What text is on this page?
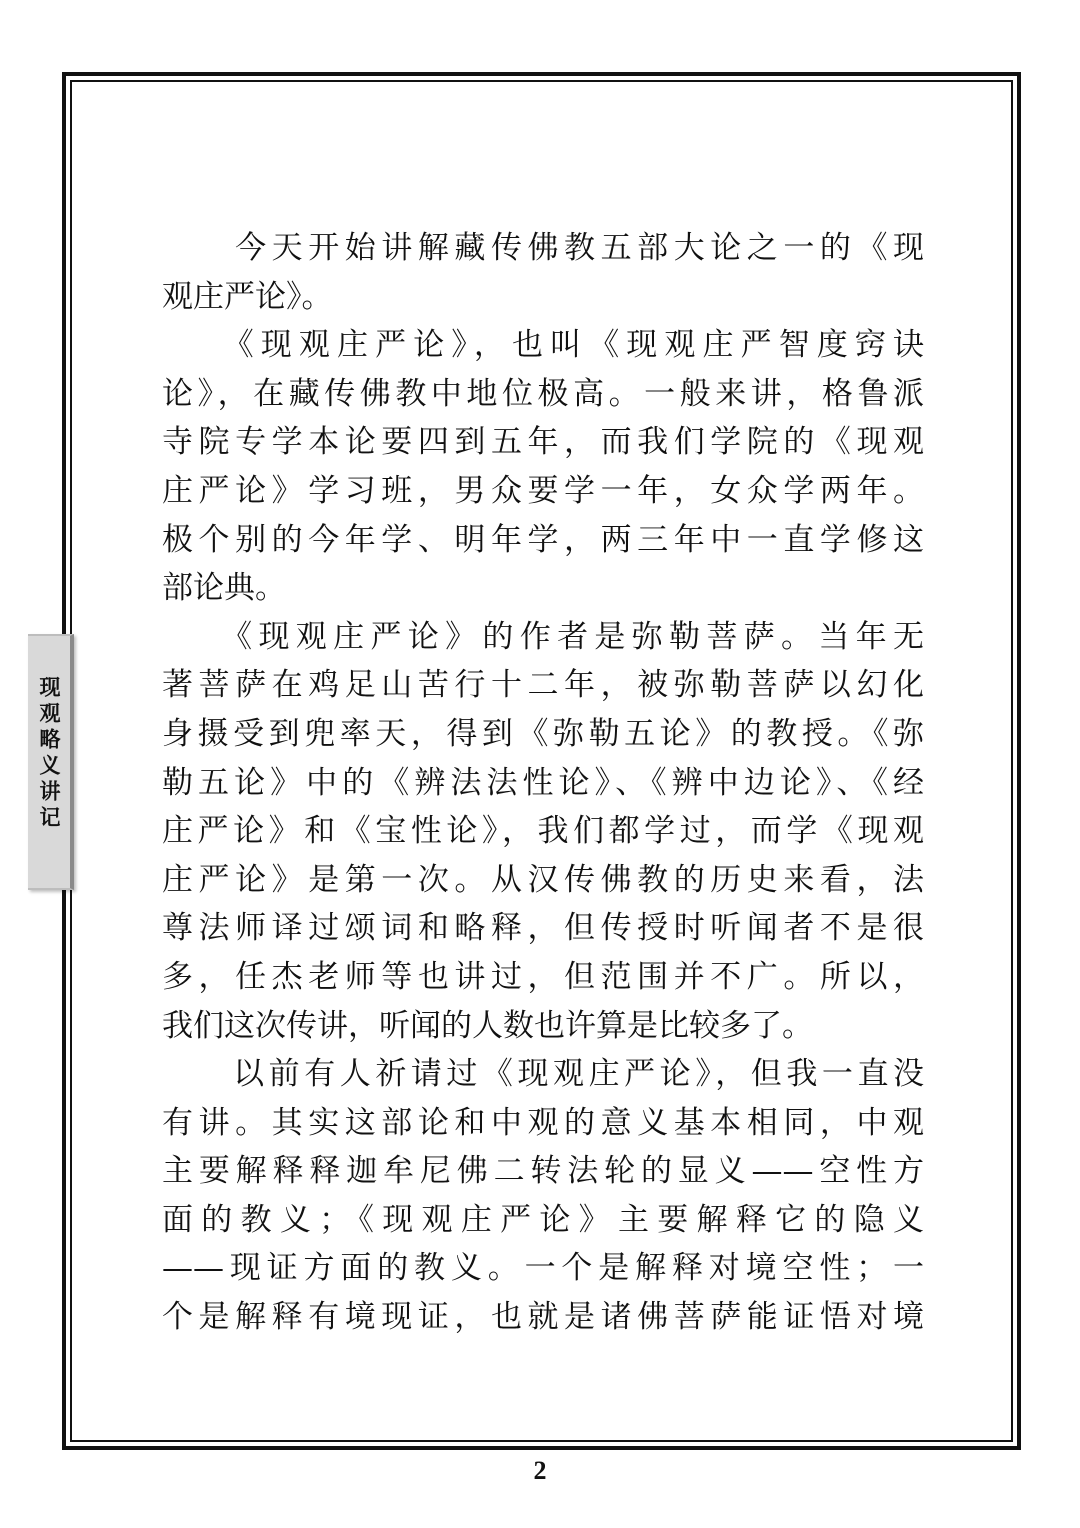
现观略义讲记
　　今天开始讲解藏传佛教五部大论之一的《现
观庄严论》。
　　《现观庄严论》，也叫《现观庄严智度窍诀
论》，在藏传佛教中地位极高。一般来讲，格鲁派
寺院专学本论要四到五年，而我们学院的《现观
庄严论》学习班，男众要学一年，女众学两年。
极个别的今年学、明年学，两三年中一直学修这
部论典。
　　《现观庄严论》的作者是弥勒菩萨。当年无
著菩萨在鸡足山苦行十二年，被弥勒菩萨以幻化
身摄受到兜率天，得到《弥勒五论》的教授。《弥
勒五论》中的《辨法法性论》、《辨中边论》、《经
庄严论》和《宝性论》，我们都学过，而学《现观
庄严论》是第一次。从汉传佛教的历史来看，法
尊法师译过颂词和略释，但传授时听闻者不是很
多，任杰老师等也讲过，但范围并不广。所以，
我们这次传讲，听闻的人数也许算是比较多了。
　　以前有人祈请过《现观庄严论》，但我一直没
有讲。其实这部论和中观的意义基本相同，中观
主要解释释迦牟尼佛二转法轮的显义——空性方
面的教义；《现观庄严论》主要解释它的隐义
——现证方面的教义。一个是解释对境空性；一
个是解释有境现证，也就是诸佛菩萨能证悟对境
2
